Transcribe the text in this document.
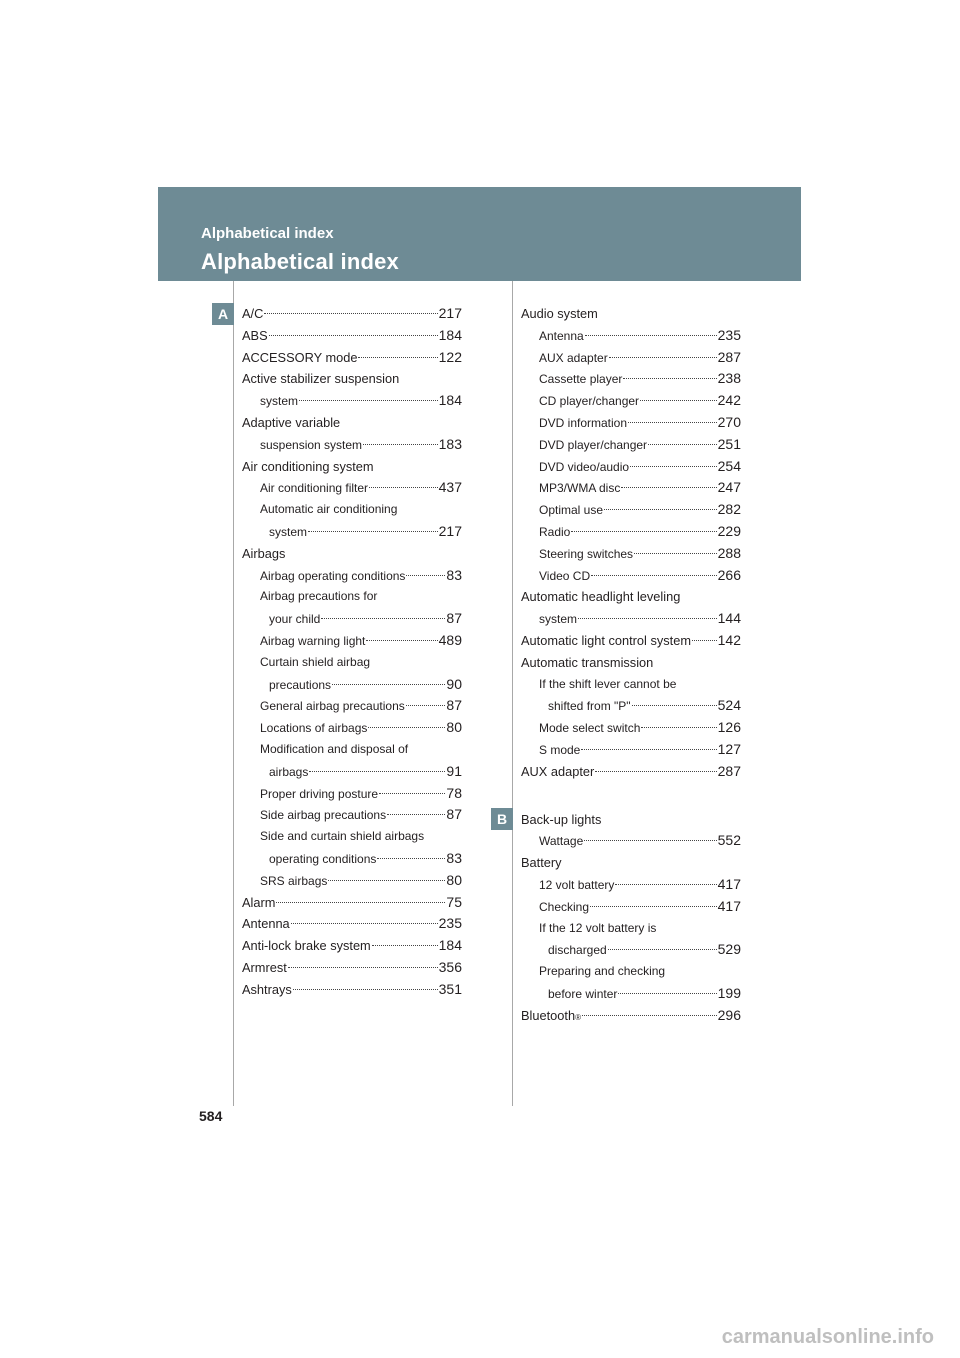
Alphabetical index
Alphabetical index
A
B
A/C	217
ABS	184
ACCESSORY mode	122
Active stabilizer suspension
system	184
Adaptive variable
suspension system	183
Air conditioning system
Air conditioning filter	437
Automatic air conditioning
system	217
Airbags
Airbag operating conditions	83
Airbag precautions for
your child	87
Airbag warning light	489
Curtain shield airbag
precautions	90
General airbag precautions	87
Locations of airbags	80
Modification and disposal of
airbags	91
Proper driving posture	78
Side airbag precautions	87
Side and curtain shield airbags
operating conditions	83
SRS airbags	80
Alarm	75
Antenna	235
Anti-lock brake system	184
Armrest	356
Ashtrays	351
Audio system
Antenna	235
AUX adapter	287
Cassette player	238
CD player/changer	242
DVD information	270
DVD player/changer	251
DVD video/audio	254
MP3/WMA disc	247
Optimal use	282
Radio	229
Steering switches	288
Video CD	266
Automatic headlight leveling
system	144
Automatic light control system 142
Automatic transmission
If the shift lever cannot be
shifted from "P"	524
Mode select switch	126
S mode	127
AUX adapter	287
Back-up lights
Wattage	552
Battery
12 volt battery	417
Checking	417
If the 12 volt battery is
discharged	529
Preparing and checking
before winter	199
Bluetooth ®	296
584
carmanualsonline.info
